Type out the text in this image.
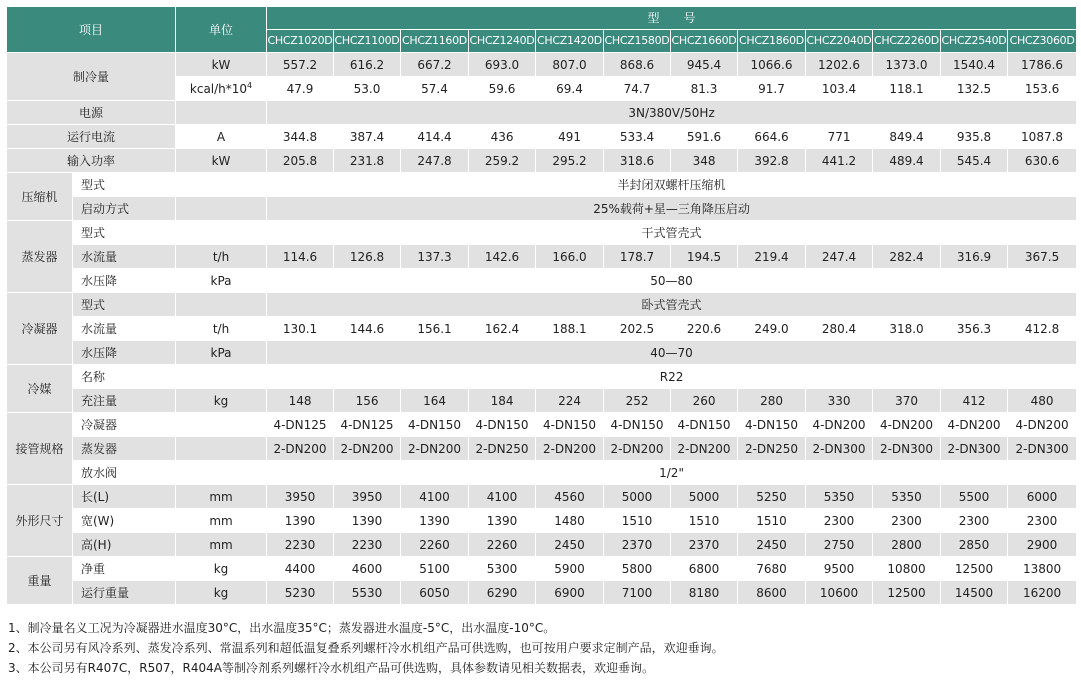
项目		单位	型　　号											
			CHCZ1020D	CHCZ1100D	CHCZ1160D	CHCZ1240D	CHCZ1420D	CHCZ1580D	CHCZ1660D	CHCZ1860D	CHCZ2040D	CHCZ2260D	CHCZ2540D	CHCZ3060D
制冷量		kW	557.2	616.2	667.2	693.0	807.0	868.6	945.4	1066.6	1202.6	1373.0	1540.4	1786.6
		kcal/$h*10^4$	47.9	53.0	57.4	59.6	69.4	74.7	81.3	91.7	103.4	118.1	132.5	153.6
电源			3N/380V/50Hz											
运行电流		A	344.8	387.4	414.4	436	491	533.4	591.6	664.6	771	849.4	935.8	1087.8
输入功率		kW	205.8	231.8	247.8	259.2	295.2	318.6	348	392.8	441.2	489.4	545.4	630.6
压缩机	型式		半封闭双螺杆压缩机											
	启动方式		25%载荷+星—三角降压启动											
蒸发器	型式		干式管壳式											
	水流量	t/h	114.6	126.8	137.3	142.6	166.0	178.7	194.5	219.4	247.4	282.4	316.9	367.5
	水压降	kPa	50—80											
冷凝器	型式		卧式管壳式											
	水流量	t/h	130.1	144.6	156.1	162.4	188.1	202.5	220.6	249.0	280.4	318.0	356.3	412.8
	水压降	kPa	40—70											
冷媒	名称		R22											
	充注量	kg	148	156	164	184	224	252	260	280	330	370	412	480
接管规格	冷凝器		4-DN125	4-DN125	4-DN150	4-DN150	4-DN150	4-DN150	4-DN150	4-DN150	4-DN200	4-DN200	4-DN200	4-DN200
	蒸发器		2-DN200	2-DN200	2-DN200	2-DN250	2-DN200	2-DN200	2-DN200	2-DN250	2-DN300	2-DN300	2-DN300	2-DN300
	放水阀		1/2"											
外形尺寸	长(L)	mm	3950	3950	4100	4100	4560	5000	5000	5250	5350	5350	5500	6000
	宽(W)	mm	1390	1390	1390	1390	1480	1510	1510	1510	2300	2300	2300	2300
	高(H)	mm	2230	2230	2260	2260	2450	2370	2370	2450	2750	2800	2850	2900
重量	净重	kg	4400	4600	5100	5300	5900	5800	6800	7680	9500	10800	12500	13800
	运行重量	kg	5230	5530	6050	6290	6900	7100	8180	8600	10600	12500	14500	16200
1、制冷量名义工况为冷凝器进水温度30°C，出水温度35°C；蒸发器进水温度-5°C，出水温度-10°C。
2、本公司另有风冷系列、蒸发冷系列、常温系列和超低温复叠系列螺杆冷水机组产品可供选购，也可按用户要求定制产品，欢迎垂询。
3、本公司另有R407C，R507，R404A等制冷剂系列螺杆冷水机组产品可供选购，具体参数请见相关数据表，欢迎垂询。
